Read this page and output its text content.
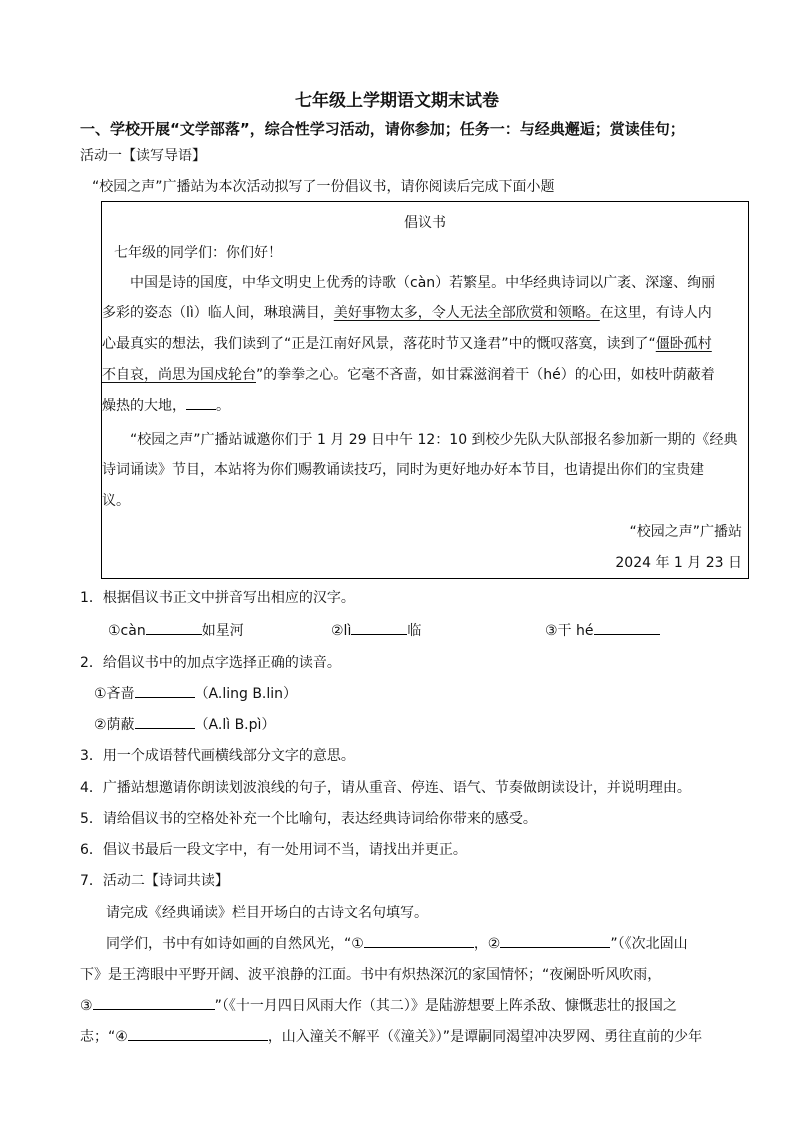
七年级上学期语文期末试卷
一、学校开展“文学部落”，综合性学习活动，请你参加；任务一：与经典邂逅；赏读佳句；
活动一【读写导语】
“校园之声”广播站为本次活动拟写了一份倡议书，请你阅读后完成下面小题
倡议书
七年级的同学们：你们好！
中国是诗的国度，中华文明史上优秀的诗歌（càn）若繁星。中华经典诗词以广袤、深邃、绚丽
多彩的姿态（lì）临人间，琳琅满目，美好事物太多，令人无法全部欣赏和领略。在这里，有诗人内
心最真实的想法，我们读到了“正是江南好风景，落花时节又逢君”中的慨叹落寞，读到了“僵卧孤村
不自哀，尚思为国戍轮台”的拳拳之心。它毫不吝啬，如甘霖滋润着干（hé）的心田，如枝叶荫蔽着
燥热的大地， 。
“校园之声”广播站诚邀你们于 1 月 29 日中午 12：10 到校少先队大队部报名参加新一期的《经典
诗词诵读》节目，本站将为你们赐教诵读技巧，同时为更好地办好本节目，也请提出你们的宝贵建
议。
“校园之声”广播站
2024 年 1 月 23 日
1．根据倡议书正文中拼音写出相应的汉字。
①càn	如星河	②lì	临	③干 hé
2．给倡议书中的加点字选择正确的读音。
①吝啬	（A.ling B.lin）
②荫蔽	（A.lì B.pì）
3．用一个成语替代画横线部分文字的意思。
4．广播站想邀请你朗读划波浪线的句子，请从重音、停连、语气、节奏做朗读设计，并说明理由。
5．请给倡议书的空格处补充一个比喻句，表达经典诗词给你带来的感受。
6．倡议书最后一段文字中，有一处用词不当，请找出并更正。
7．活动二【诗词共读】
请完成《经典诵读》栏目开场白的古诗文名句填写。
同学们，书中有如诗如画的自然风光，“①	，②	”（《次北固山
下》是王湾眼中平野开阔、波平浪静的江面。书中有炽热深沉的家国情怀；“夜阑卧听风吹雨，
③	”（《十一月四日风雨大作（其二）》是陆游想要上阵杀敌、慷慨悲壮的报国之
志；“④	，山入潼关不解平（《潼关》）”是谭嗣同渴望冲决罗网、勇往直前的少年
